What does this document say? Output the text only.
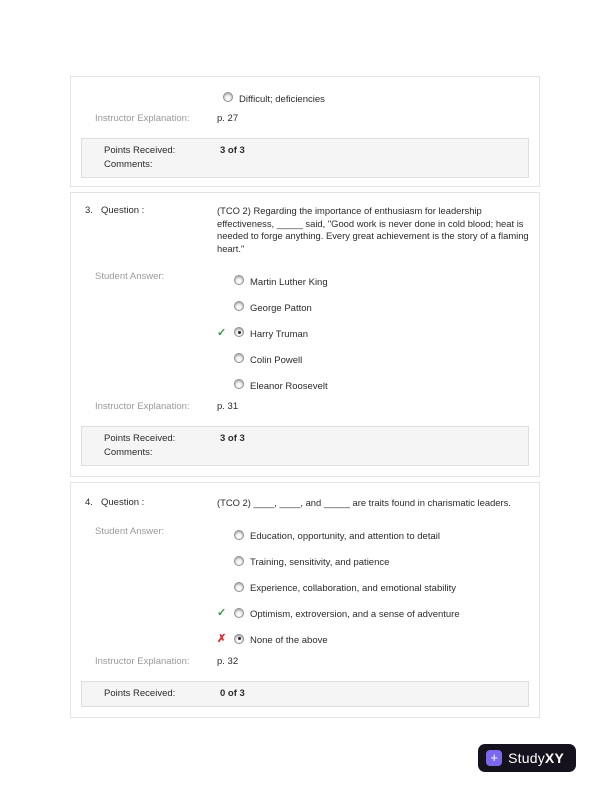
Difficult; deficiencies
Instructor Explanation:	p. 27
Points Received:	3 of 3
Comments:
3. Question :	(TCO 2) Regarding the importance of enthusiasm for leadership effectiveness, _____ said, "Good work is never done in cold blood; heat is needed to forge anything. Every great achievement is the story of a flaming heart."
Student Answer:	Martin Luther King
George Patton
✓	Harry Truman
Colin Powell
Eleanor Roosevelt
Instructor Explanation:	p. 31
Points Received:	3 of 3
Comments:
4. Question :	(TCO 2) ____, ____, and _____ are traits found in charismatic leaders.
Student Answer:	Education, opportunity, and attention to detail
Training, sensitivity, and patience
Experience, collaboration, and emotional stability
✓	Optimism, extroversion, and a sense of adventure
✗	None of the above
Instructor Explanation:	p. 32
Points Received:	0 of 3
+ Study XY
